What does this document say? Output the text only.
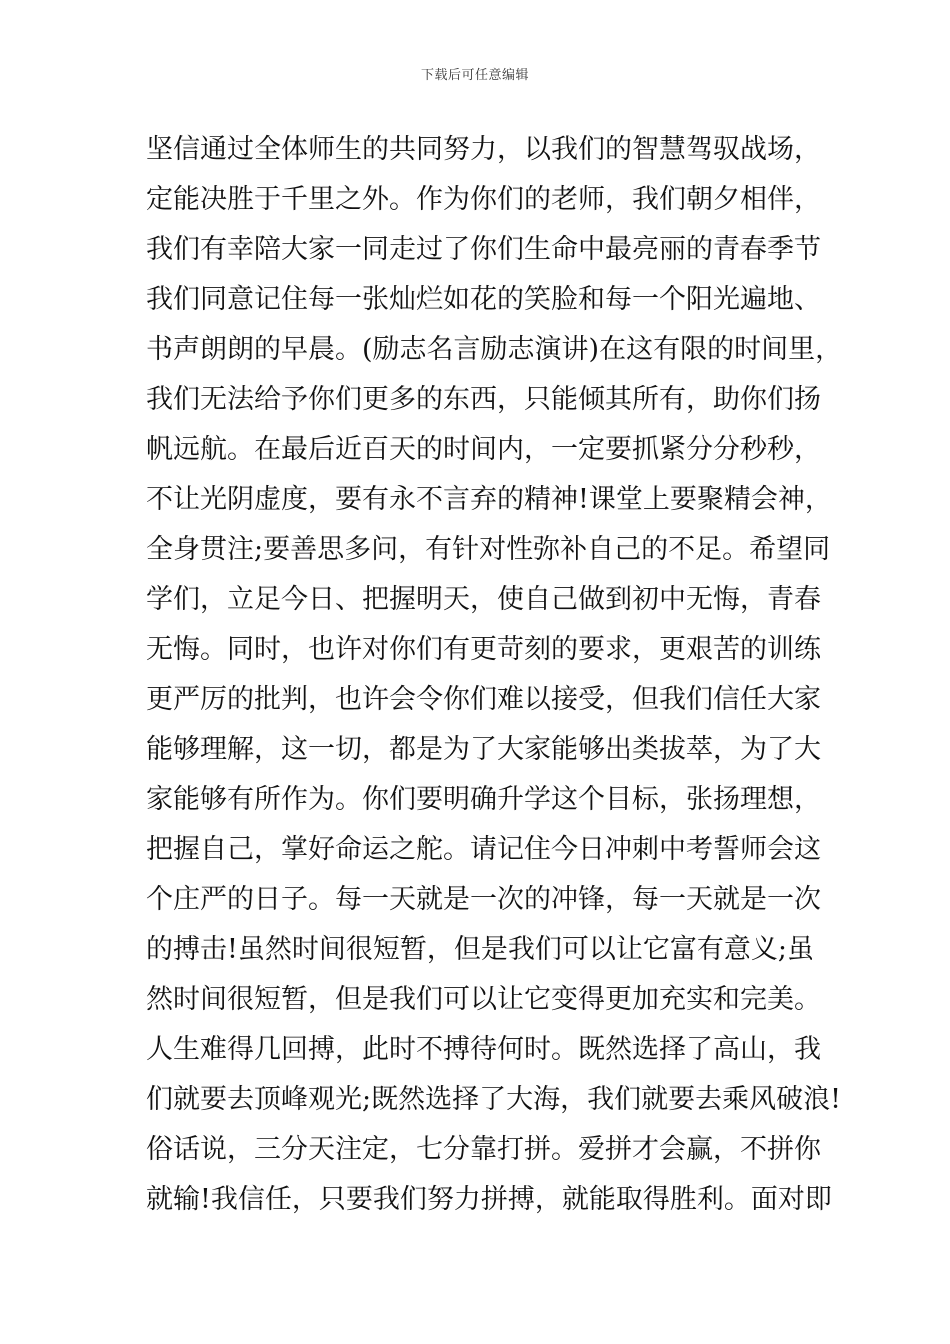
下载后可任意编辑
坚信通过全体师生的共同努力，以我们的智慧驾驭战场，
定能决胜于千里之外。作为你们的老师，我们朝夕相伴，
我们有幸陪大家一同走过了你们生命中最亮丽的青春季节
我们同意记住每一张灿烂如花的笑脸和每一个阳光遍地、
书声朗朗的早晨。(励志名言励志演讲)在这有限的时间里，
我们无法给予你们更多的东西，只能倾其所有，助你们扬
帆远航。在最后近百天的时间内，一定要抓紧分分秒秒，
不让光阴虚度，要有永不言弃的精神!课堂上要聚精会神，
全身贯注;要善思多问，有针对性弥补自己的不足。希望同
学们，立足今日、把握明天，使自己做到初中无悔，青春
无悔。同时，也许对你们有更苛刻的要求，更艰苦的训练
更严厉的批判，也许会令你们难以接受，但我们信任大家
能够理解，这一切，都是为了大家能够出类拔萃，为了大
家能够有所作为。你们要明确升学这个目标，张扬理想，
把握自己，掌好命运之舵。请记住今日冲刺中考誓师会这
个庄严的日子。每一天就是一次的冲锋，每一天就是一次
的搏击!虽然时间很短暂，但是我们可以让它富有意义;虽
然时间很短暂，但是我们可以让它变得更加充实和完美。
人生难得几回搏，此时不搏待何时。既然选择了高山，我
们就要去顶峰观光;既然选择了大海，我们就要去乘风破浪!
俗话说，三分天注定，七分靠打拼。爱拼才会赢，不拼你
就输!我信任，只要我们努力拼搏，就能取得胜利。面对即
